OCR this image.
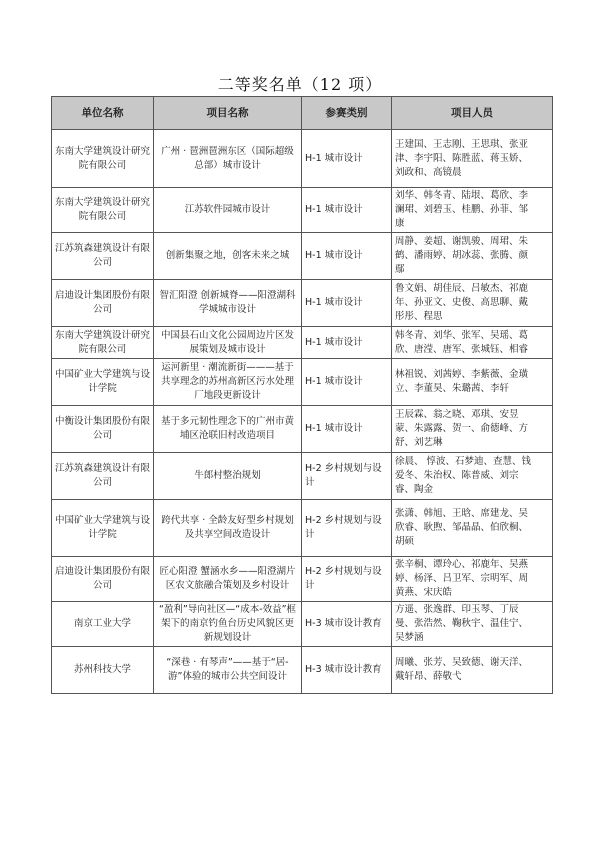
二等奖名单（12 项）
单位名称	项目名称	参赛类别	项目人员
东南大学建筑设计研究院有限公司	广州 · 琶洲琶洲东区（国际超级总部）城市设计	H-1 城市设计	王建国、王志刚、王思琪、张亚
津、李宇阳、陈胜蓝、蒋玉娇、
刘政和、高镜晨

东南大学建筑设计研究院有限公司	江苏软件园城市设计	H-1 城市设计	刘华、韩冬青、陆垠、葛欣、李
澜珺、刘碧玉、桂鹏、孙菲、邹
康

江苏筑森建筑设计有限公司	创新集聚之地，创客未来之城	H-1 城市设计	周静、姜超、谢凯骏、周珺、朱
鹤、潘雨婷、胡冰蕊、张腾、颜
鄢

启迪设计集团股份有限公司	智汇阳澄 创新城脊——阳澄湖科学城城市设计	H-1 城市设计	鲁文娟、胡佳辰、吕敏杰、祁鹿
年、孙亚文、史俊、高思聊、戴
彤彤、程思

东南大学建筑设计研究院有限公司	中国县石山文化公园周边片区发展策划及城市设计	H-1 城市设计	韩冬青、刘华、张军、吴瑶、葛
欣、唐滢、唐军、张城钰、相睿

中国矿业大学建筑与设计学院	运河新里 · 潮流新街———基于共享理念的苏州高新区污水处理厂地段更新设计	H-1 城市设计	林祖锐、刘茜婷、李紫薇、金璜
立、李董昊、朱璐茜、李轩

中衡设计集团股份有限公司	基于多元韧性理念下的广州市黄埔区沧联旧村改造项目	H-1 城市设计	王辰霖、翁之晓、邓琪、安昱
蒙、朱露露、贺一、俞德峰、方
舒、刘艺琳

江苏筑森建筑设计有限公司	牛郎村整治规划	H-2 乡村规划与设计	徐晨、 惇波、石梦迪、查慧、钱
爱冬、朱治权、陈普威、刘宗
睿、陶金

中国矿业大学建筑与设计学院	跨代共享 · 全龄友好型乡村规划及共享空间改造设计	H-2 乡村规划与设计	张潇、韩旭、王晗、席建龙、吴
欣睿、耿煦、邹晶晶、伯欣桐、
胡硕

启迪设计集团股份有限公司	匠心阳澄 蟹涵水乡——阳澄湖片区农文旅融合策划及乡村设计	H-2 乡村规划与设计	张辛桐、谭玲心、祁鹿年、吴燕
婷、杨泽、吕卫军、宗明军、周
黄燕、宋庆皓

南京工业大学	“盈利”导向社区—“成本-效益”框架下的南京钓鱼台历史风貌区更新规划设计	H-3 城市设计教育	方遥、张逸群、印玉琴、丁辰
曼、张浩然、鞠秋宇、温佳宁、
吴梦涵

苏州科技大学	“深巷 · 有琴声”——基于“居-游”体验的城市公共空间设计	H-3 城市设计教育	周曦、张芳、吴致德、谢天洋、
戴轩昂、薛敬弋
